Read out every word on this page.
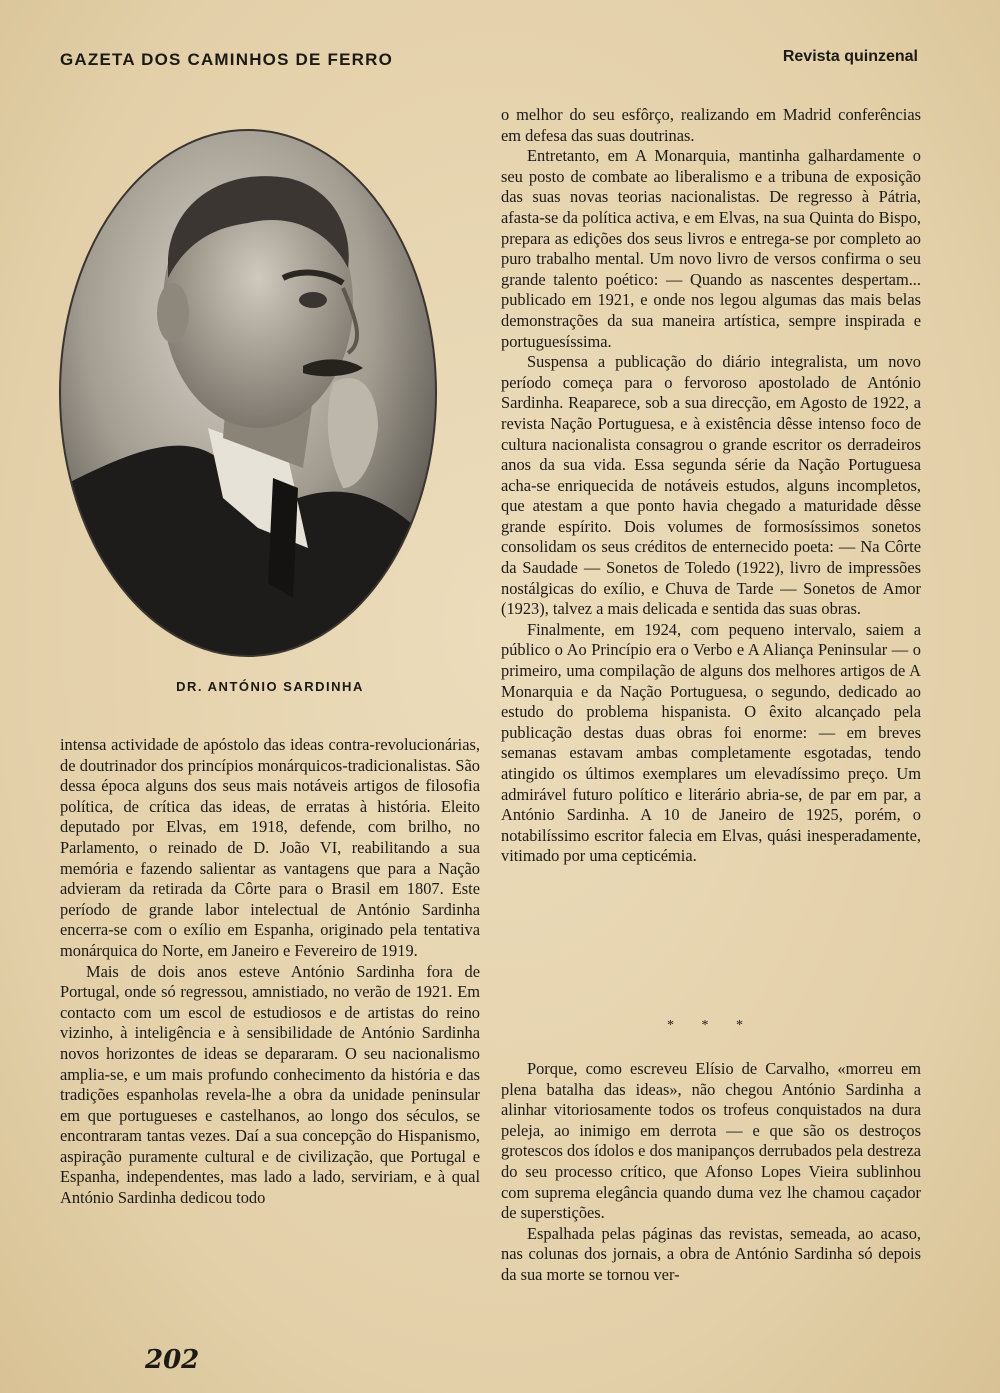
GAZETA DOS CAMINHOS DE FERRO	Revista quinzenal
DR. ANTÓNIO SARDINHA

intensa actividade de apóstolo das ideas contra-revolucionárias, de doutrinador dos princípios monárquicos-tradicionalistas. São dessa época alguns dos seus mais notáveis artigos de filosofia política, de crítica das ideas, de erratas à história. Eleito deputado por Elvas, em 1918, defende, com brilho, no Parlamento, o reinado de D. João VI, reabilitando a sua memória e fazendo salientar as vantagens que para a Nação advieram da retirada da Côrte para o Brasil em 1807. Este período de grande labor intelectual de António Sardinha encerra-se com o exílio em Espanha, originado pela tentativa monárquica do Norte, em Janeiro e Fevereiro de 1919.

Mais de dois anos esteve António Sardinha fora de Portugal, onde só regressou, amnistiado, no verão de 1921. Em contacto com um escol de estudiosos e de artistas do reino vizinho, à inteligência e à sensibilidade de António Sardinha novos horizontes de ideas se depararam. O seu nacionalismo amplia-se, e um mais profundo conhecimento da história e das tradições espanholas revela-lhe a obra da unidade peninsular em que portugueses e castelhanos, ao longo dos séculos, se encontraram tantas vezes. Daí a sua concepção do Hispanismo, aspiração puramente cultural e de civilização, que Portugal e Espanha, independentes, mas lado a lado, serviriam, e à qual António Sardinha dedicou todo

o melhor do seu esfôrço, realizando em Madrid conferências em defesa das suas doutrinas.

Entretanto, em A Monarquia, mantinha galhardamente o seu posto de combate ao liberalismo e a tribuna de exposição das suas novas teorias nacionalistas. De regresso à Pátria, afasta-se da política activa, e em Elvas, na sua Quinta do Bispo, prepara as edições dos seus livros e entrega-se por completo ao puro trabalho mental. Um novo livro de versos confirma o seu grande talento poético: — Quando as nascentes despertam... publicado em 1921, e onde nos legou algumas das mais belas demonstrações da sua maneira artística, sempre inspirada e portuguesíssima.

Suspensa a publicação do diário integralista, um novo período começa para o fervoroso apostolado de António Sardinha. Reaparece, sob a sua direcção, em Agosto de 1922, a revista Nação Portuguesa, e à existência dêsse intenso foco de cultura nacionalista consagrou o grande escritor os derradeiros anos da sua vida. Essa segunda série da Nação Portuguesa acha-se enriquecida de notáveis estudos, alguns incompletos, que atestam a que ponto havia chegado a maturidade dêsse grande espírito. Dois volumes de formosíssimos sonetos consolidam os seus créditos de enternecido poeta: — Na Côrte da Saudade — Sonetos de Toledo (1922), livro de impressões nostálgicas do exílio, e Chuva de Tarde — Sonetos de Amor (1923), talvez a mais delicada e sentida das suas obras.

Finalmente, em 1924, com pequeno intervalo, saiem a público o Ao Princípio era o Verbo e A Aliança Peninsular — o primeiro, uma compilação de alguns dos melhores artigos de A Monarquia e da Nação Portuguesa, o segundo, dedicado ao estudo do problema hispanista. O êxito alcançado pela publicação destas duas obras foi enorme: — em breves semanas estavam ambas completamente esgotadas, tendo atingido os últimos exemplares um elevadíssimo preço. Um admirável futuro político e literário abria-se, de par em par, a António Sardinha. A 10 de Janeiro de 1925, porém, o notabilíssimo escritor falecia em Elvas, quási inesperadamente, vitimado por uma cepticémia.

* * *

Porque, como escreveu Elísio de Carvalho, «morreu em plena batalha das ideas», não chegou António Sardinha a alinhar vitoriosamente todos os trofeus conquistados na dura peleja, ao inimigo em derrota — e que são os destroços grotescos dos ídolos e dos manipanços derrubados pela destreza do seu processo crítico, que Afonso Lopes Vieira sublinhou com suprema elegância quando duma vez lhe chamou caçador de superstições.

Espalhada pelas páginas das revistas, semeada, ao acaso, nas colunas dos jornais, a obra de António Sardinha só depois da sua morte se tornou ver-

202
